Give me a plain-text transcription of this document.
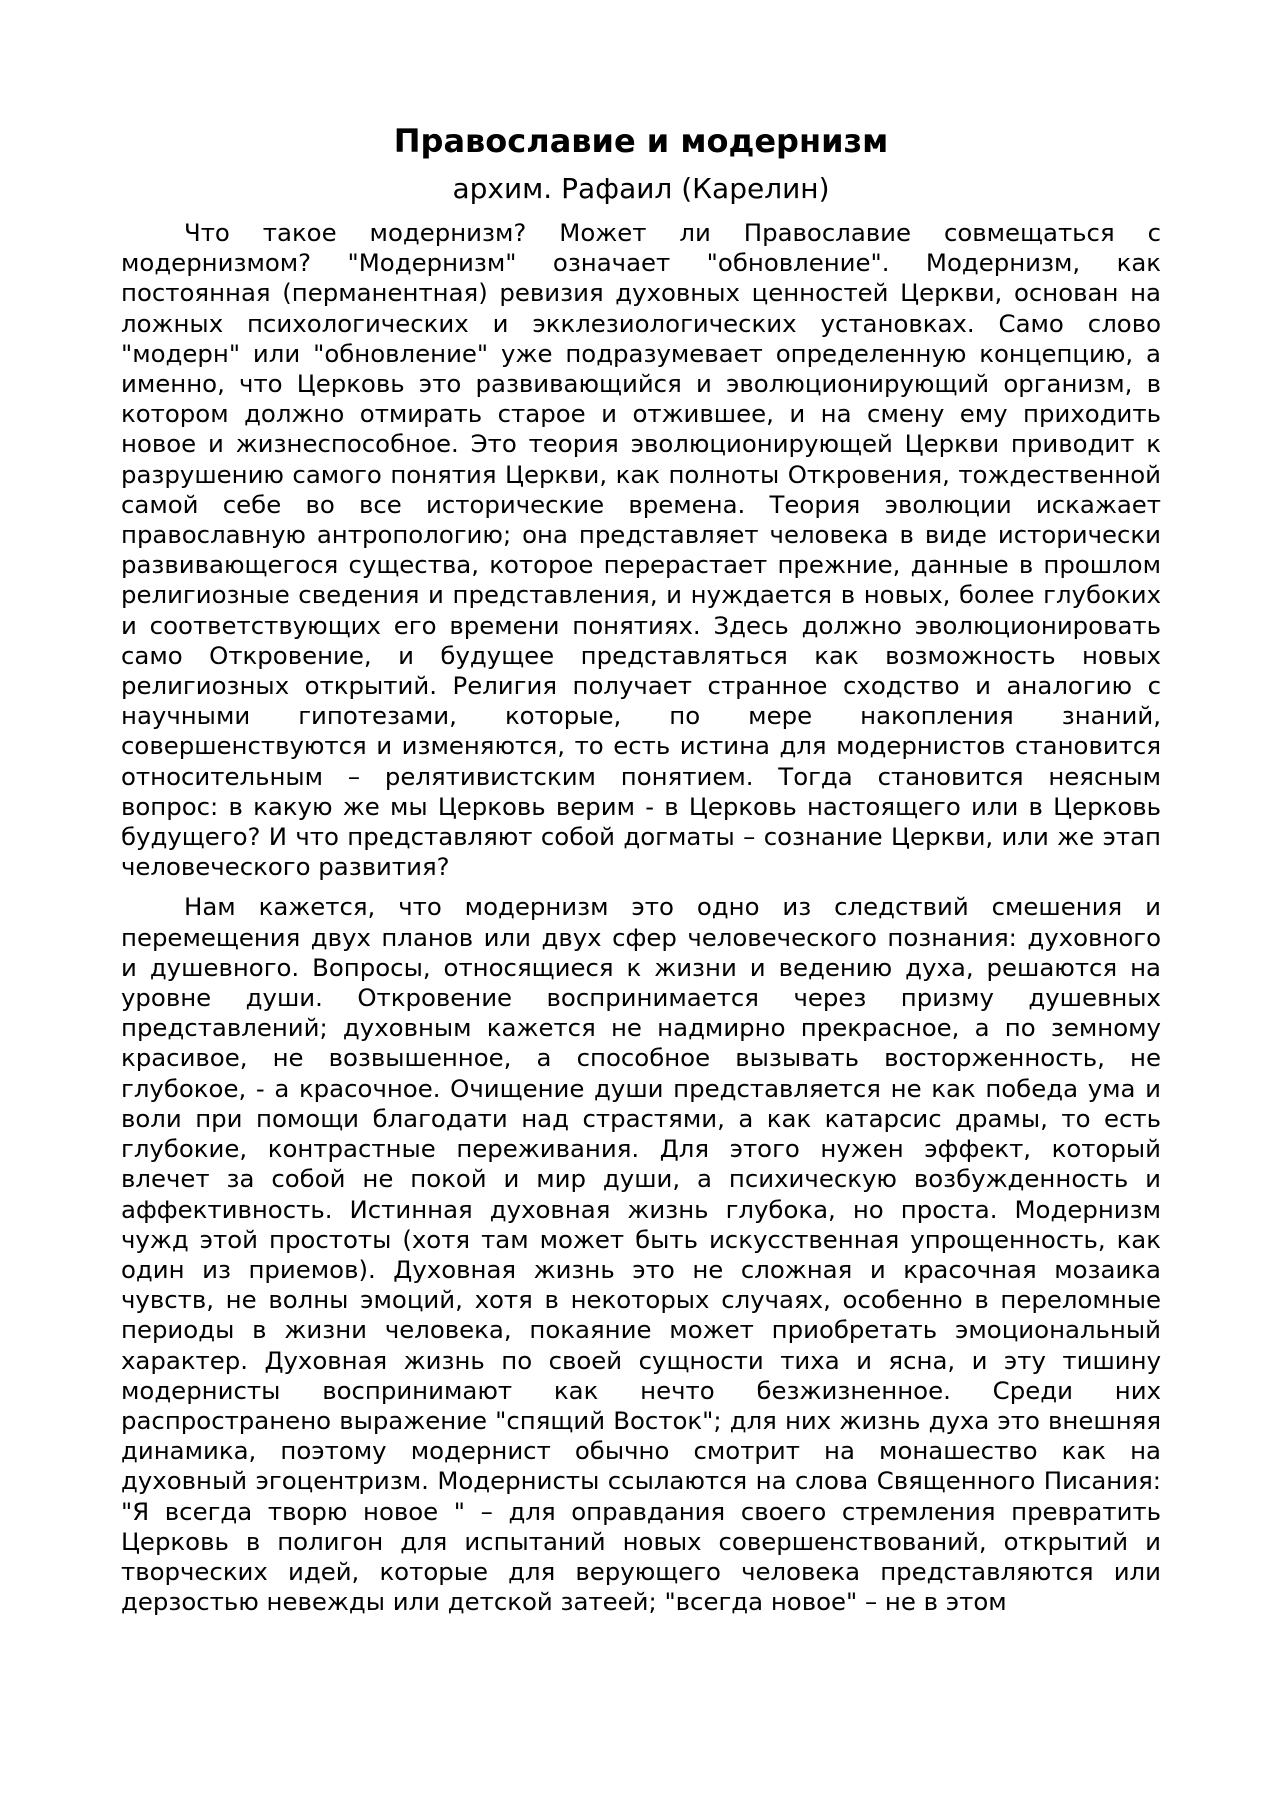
Православие и модернизм
архим. Рафаил (Карелин)

Что такое модернизм? Может ли Православие совмещаться с модернизмом? "Модернизм" означает "обновление". Модернизм, как постоянная (перманентная) ревизия духовных ценностей Церкви, основан на ложных психологических и экклезиологических установках. Само слово "модерн" или "обновление" уже подразумевает определенную концепцию, а именно, что Церковь это развивающийся и эволюционирующий организм, в котором должно отмирать старое и отжившее, и на смену ему приходить новое и жизнеспособное. Это теория эволюционирующей Церкви приводит к разрушению самого понятия Церкви, как полноты Откровения, тождественной самой себе во все исторические времена. Теория эволюции искажает православную антропологию; она представляет человека в виде исторически развивающегося существа, которое перерастает прежние, данные в прошлом религиозные сведения и представления, и нуждается в новых, более глубоких и соответствующих его времени понятиях. Здесь должно эволюционировать само Откровение, и будущее представляться как возможность новых религиозных открытий. Религия получает странное сходство и аналогию с научными гипотезами, которые, по мере накопления знаний, совершенствуются и изменяются, то есть истина для модернистов становится относительным – релятивистским понятием. Тогда становится неясным вопрос: в какую же мы Церковь верим - в Церковь настоящего или в Церковь будущего? И что представляют собой догматы – сознание Церкви, или же этап человеческого развития?

Нам кажется, что модернизм это одно из следствий смешения и перемещения двух планов или двух сфер человеческого познания: духовного и душевного. Вопросы, относящиеся к жизни и ведению духа, решаются на уровне души. Откровение воспринимается через призму душевных представлений; духовным кажется не надмирно прекрасное, а по земному красивое, не возвышенное, а способное вызывать восторженность, не глубокое, - а красочное. Очищение души представляется не как победа ума и воли при помощи благодати над страстями, а как катарсис драмы, то есть глубокие, контрастные переживания. Для этого нужен эффект, который влечет за собой не покой и мир души, а психическую возбужденность и аффективность. Истинная духовная жизнь глубока, но проста. Модернизм чужд этой простоты (хотя там может быть искусственная упрощенность, как один из приемов). Духовная жизнь это не сложная и красочная мозаика чувств, не волны эмоций, хотя в некоторых случаях, особенно в переломные периоды в жизни человека, покаяние может приобретать эмоциональный характер. Духовная жизнь по своей сущности тиха и ясна, и эту тишину модернисты воспринимают как нечто безжизненное. Среди них распространено выражение "спящий Восток"; для них жизнь духа это внешняя динамика, поэтому модернист обычно смотрит на монашество как на духовный эгоцентризм. Модернисты ссылаются на слова Священного Писания: "Я всегда творю новое " – для оправдания своего стремления превратить Церковь в полигон для испытаний новых совершенствований, открытий и творческих идей, которые для верующего человека представляются или дерзостью невежды или детской затеей; "всегда новое" – не в этом
